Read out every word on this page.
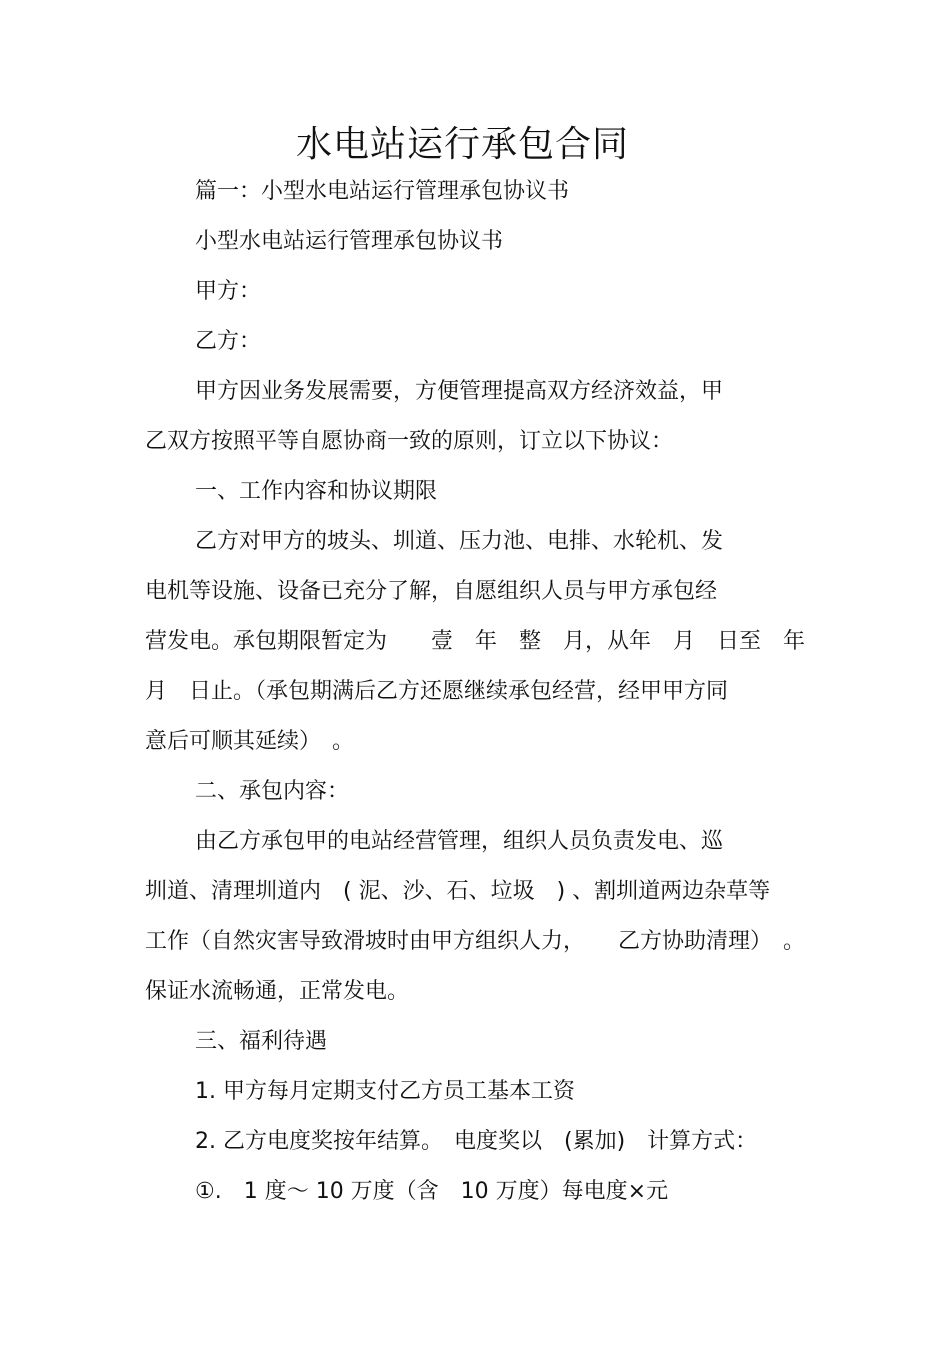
水电站运行承包合同
篇一：小型水电站运行管理承包协议书
小型水电站运行管理承包协议书
甲方：
乙方：
甲方因业务发展需要，方便管理提高双方经济效益，甲
乙双方按照平等自愿协商一致的原则，订立以下协议：
一、工作内容和协议期限
乙方对甲方的坡头、圳道、压力池、电排、水轮机、发
电机等设施、设备已充分了解，自愿组织人员与甲方承包经
营发电。承包期限暂定为　　壹　年　整　月，从年　月　日至　年
月　日止。（承包期满后乙方还愿继续承包经营，经甲甲方同
意后可顺其延续）　。
二、承包内容：
由乙方承包甲的电站经营管理，组织人员负责发电、巡
圳道、清理圳道内　( 泥、沙、石、垃圾　) 、割圳道两边杂草等
工作（自然灾害导致滑坡时由甲方组织人力，　　乙方协助清理）　。
保证水流畅通，正常发电。
三、福利待遇
1. 甲方每月定期支付乙方员工基本工资
2. 乙方电度奖按年结算。　电度奖以　(累加)　计算方式：
①.　1 度～ 10 万度（含　10 万度）每电度×元
